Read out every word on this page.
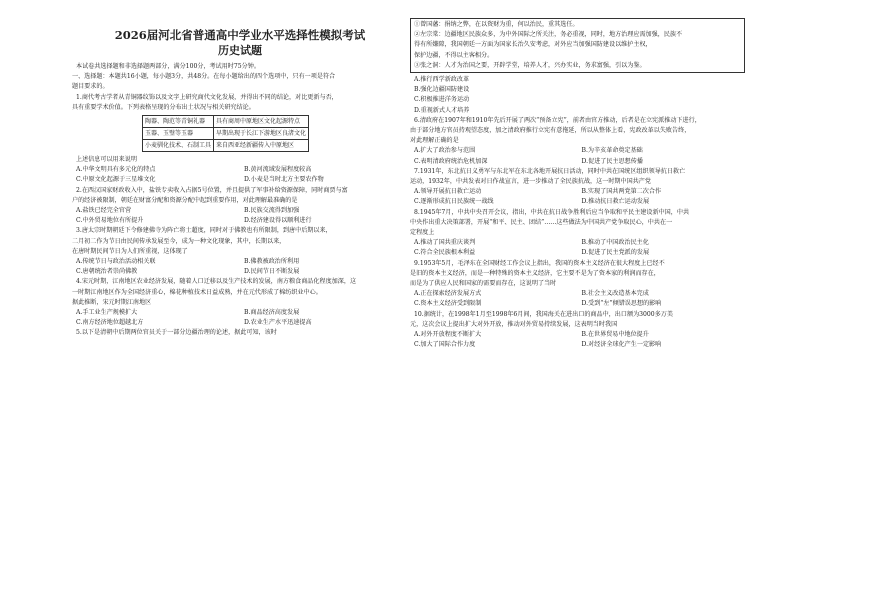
2026届河北省普通高中学业水平选择性模拟考试
历史试题
本试卷共选择题和非选择题两部分，满分100分，考试用时75分钟。
一、选择题：本题共16小题，每小题3分，共48分。在每小题给出的四个选项中，只有一项是符合
题目要求的。
1.商代考古学者从青铜器纹饰以及文字上研究商代文化发展，并得出不同的结论，对比更新与否，
具有重要学术价值。下列表格呈现的分布出土状况与相关研究结论。
陶器、陶范等青铜礼器	具有商周中原地区文化起源特点
玉器、玉璧等玉器	早期出现于长江下游地区良渚文化
小麦驯化技术、石制工具	来自西亚经新疆传入中原地区
上述信息可以用来说明
A.中华文明具有多元化的特点	B.黄河流域发展程度较高
C.中原文化起源于三星堆文化	D.小麦是当时北方主要农作物
2.在西汉国家财政收入中，盐铁专卖收入占据5号位置，并且提供了军事补给资源保障，同时商贾与富
户的经济被限制，朝廷在财富分配和资源分配中起到重要作用，对此理解最准确的是
A.盐铁已经完全官营	B.民族交流得到加强
C.中外贸易地位有所提升	D.经济建设得以顺利进行
3.唐太宗时期朝廷下令修建佛寺为阵亡将士超度，同时对于佛教也有所限制，到唐中后期以来，
二月初二作为节日由民间传承发展至今，成为一种文化现象，其中，长期以来，
在唐时期民间节日为人们所重视，这体现了
A.传统节日与政治活动相关联	B.佛教被政治所利用
C.唐朝统治者崇尚佛教	D.民间节日不断发展
4.宋元时期，江南地区农业经济发展，随着人口迁移以及生产技术的发展，南方粮食商品化程度加深，这
一时期江南地区作为全国经济重心，棉花种植技术日益成熟，并在元代形成了棉纺织业中心。
据此推断，宋元时期江南地区
A.手工业生产规模扩大	B.商品经济高度发展
C.南方经济地位超越北方	D.农业生产水平迅速提高
5.以下是清朝中后期两位官员关于一部分边疆治理的论述，据此可知，该时
①曾国藩：捐纳之弊，在以资财为重，何以治民，重其选任。
②左宗棠：边疆地区民族众多，为中外国际之所关注，务必重视，同时，地方治理应需加强，民族不
得有所嫌隙，我国朝廷一方面为国家长治久安考虑，对外应当加强国防建设以维护主权，
保护边疆，不得以主客相分。
③张之洞：人才为治国之要，开辟学堂，培养人才，兴办实业，务求富强，引以为鉴。
A.推行西学新政改革
B.强化边疆国防建设
C.积极推进洋务运动
D.重视新式人才培养
6.清政府在1907年和1910年先后开展了两次“预备立宪”，前者由官方推动，后者是在立宪派推动下进行，
由于部分地方官员持观望态度，加之清政府推行立宪有意拖延，所以从整体上看，宪政改革以失败告终，
对此理解正确的是
A.扩大了政治参与范围	B.为辛亥革命奠定基础
C.表明清政府统治危机加深	D.促进了民主思想传播
7.1931年，东北抗日义勇军与东北军在东北各地开展抗日活动，同时中共在国统区组织领导抗日救亡
运动，1932年，中共发表对日作战宣言，进一步推动了全民族抗战，这一时期中国共产党
A.领导开展抗日救亡运动	B.实现了国共两党第二次合作
C.逐渐形成抗日民族统一战线	D.推动抗日救亡运动发展
8.1945年7月，中共中央召开会议，指出，中共在抗日战争胜利后应当争取和平民主建设新中国，中共
中央作出重大决策部署，开展“和平、民主、团结”……这些做法为中国共产党争取民心，中共在一
定程度上
A.推动了国共重庆谈判	B.推动了中国政治民主化
C.符合全民族根本利益	D.促进了民主党派的发展
9.1953年5月，毛泽东在全国财经工作会议上指出，我国的资本主义经济在很大程度上已经不
是旧的资本主义经济，而是一种特殊的资本主义经济，它主要不是为了资本家的利润而存在，
而是为了供应人民和国家的需要而存在，这说明了当时
A.正在探索经济发展方式	B.社会主义改造基本完成
C.资本主义经济受到限制	D.受到“左”倾错误思想的影响
10.据统计，在1998年1月至1998年6月间，我国海关在进出口的商品中，出口额为3000多万美
元，这次会议上提出扩大对外开放，推动对外贸易持续发展，这表明当时我国
A.对外开放程度不断扩大	B.在世界贸易中地位提升
C.加大了国际合作力度	D.对经济全球化产生一定影响
